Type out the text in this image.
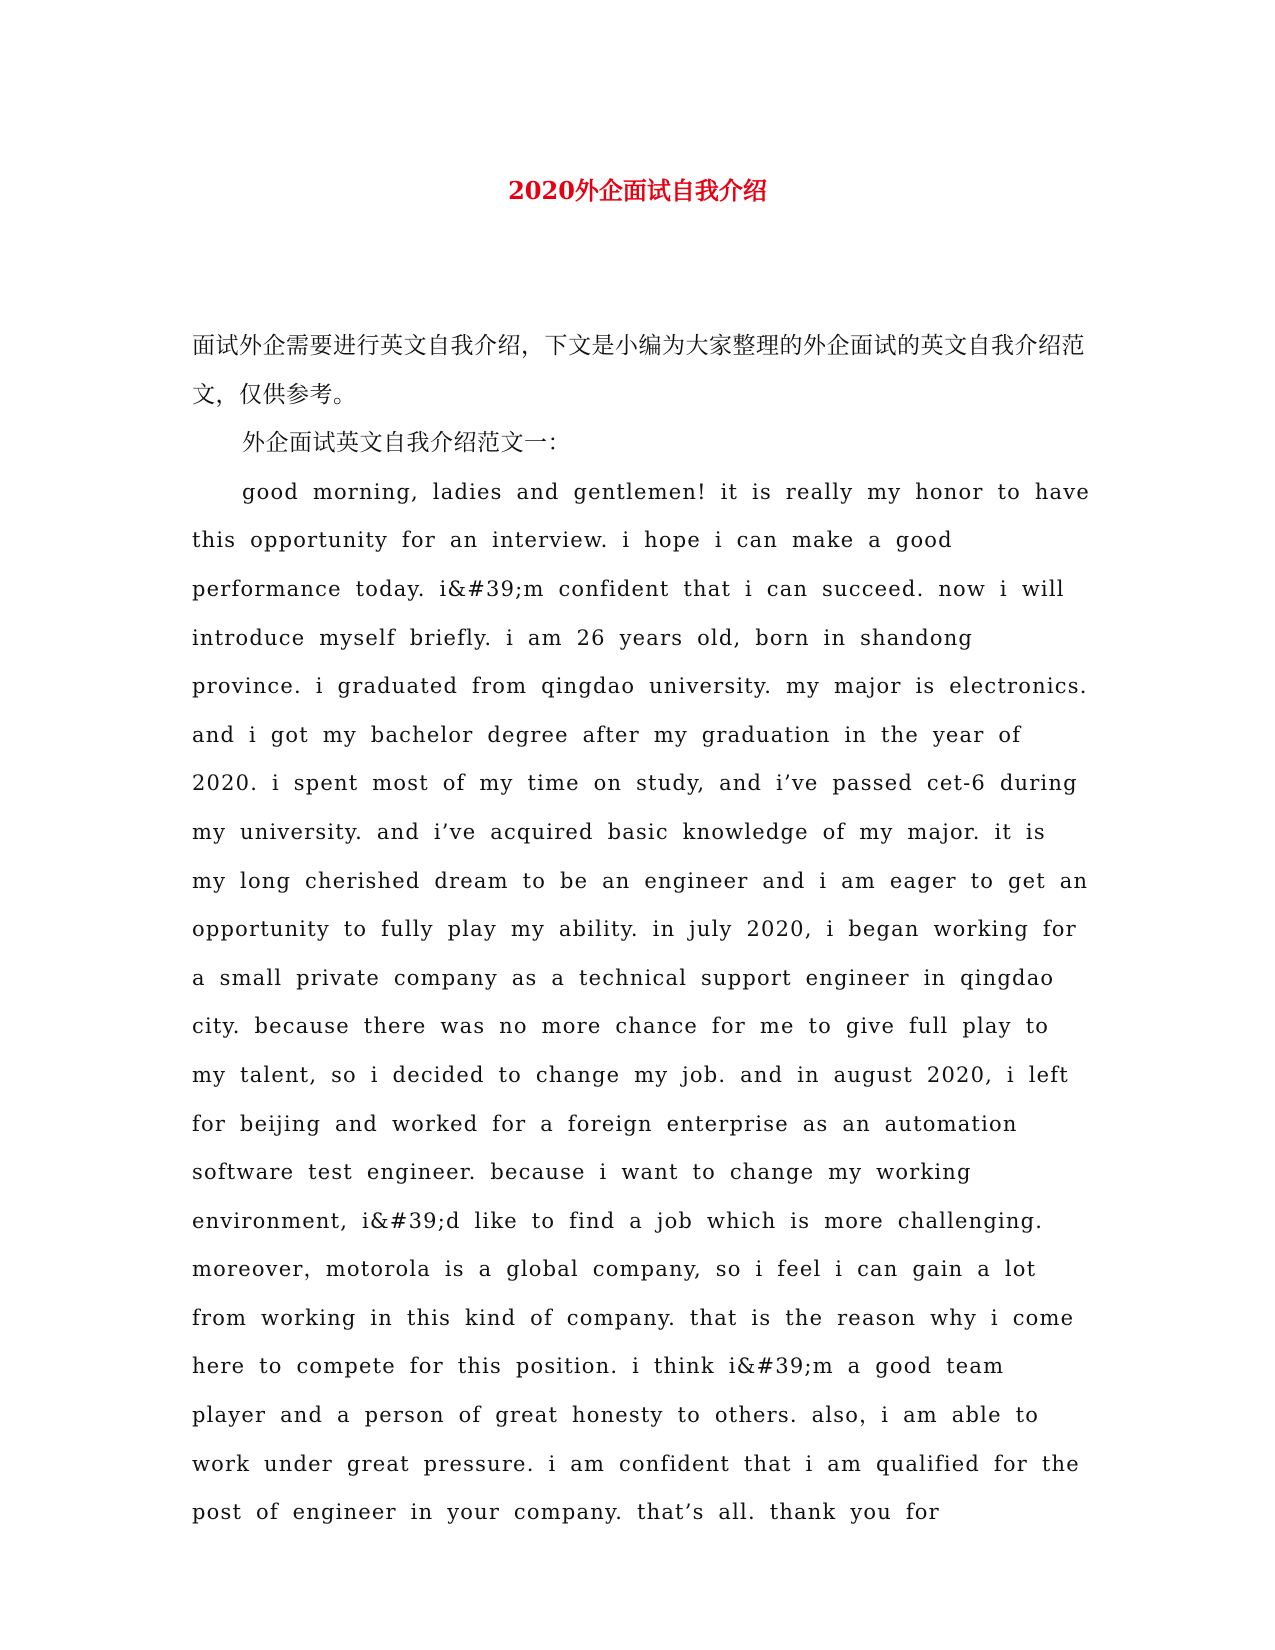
2020外企面试自我介绍

面试外企需要进行英文自我介绍，下文是小编为大家整理的外企面试的英文自我介绍范文，仅供参考。

外企面试英文自我介绍范文一：

good morning, ladies and gentlemen! it is really my honor to have this opportunity for an interview. i hope i can make a good performance today. i&#39;m confident that i can succeed. now i will introduce myself briefly. i am 26 years old, born in shandong province. i graduated from qingdao university. my major is electronics. and i got my bachelor degree after my graduation in the year of 2020. i spent most of my time on study, and i’ve passed cet-6 during my university. and i’ve acquired basic knowledge of my major. it is my long cherished dream to be an engineer and i am eager to get an opportunity to fully play my ability. in july 2020, i began working for a small private company as a technical support engineer in qingdao city. because there was no more chance for me to give full play to my talent, so i decided to change my job. and in august 2020, i left for beijing and worked for a foreign enterprise as an automation software test engineer. because i want to change my working environment, i&#39;d like to find a job which is more challenging. moreover，motorola is a global company, so i feel i can gain a lot from working in this kind of company. that is the reason why i come here to compete for this position. i think i&#39;m a good team player and a person of great honesty to others. also，i am able to work under great pressure. i am confident that i am qualified for the post of engineer in your company. that’s all. thank you for
